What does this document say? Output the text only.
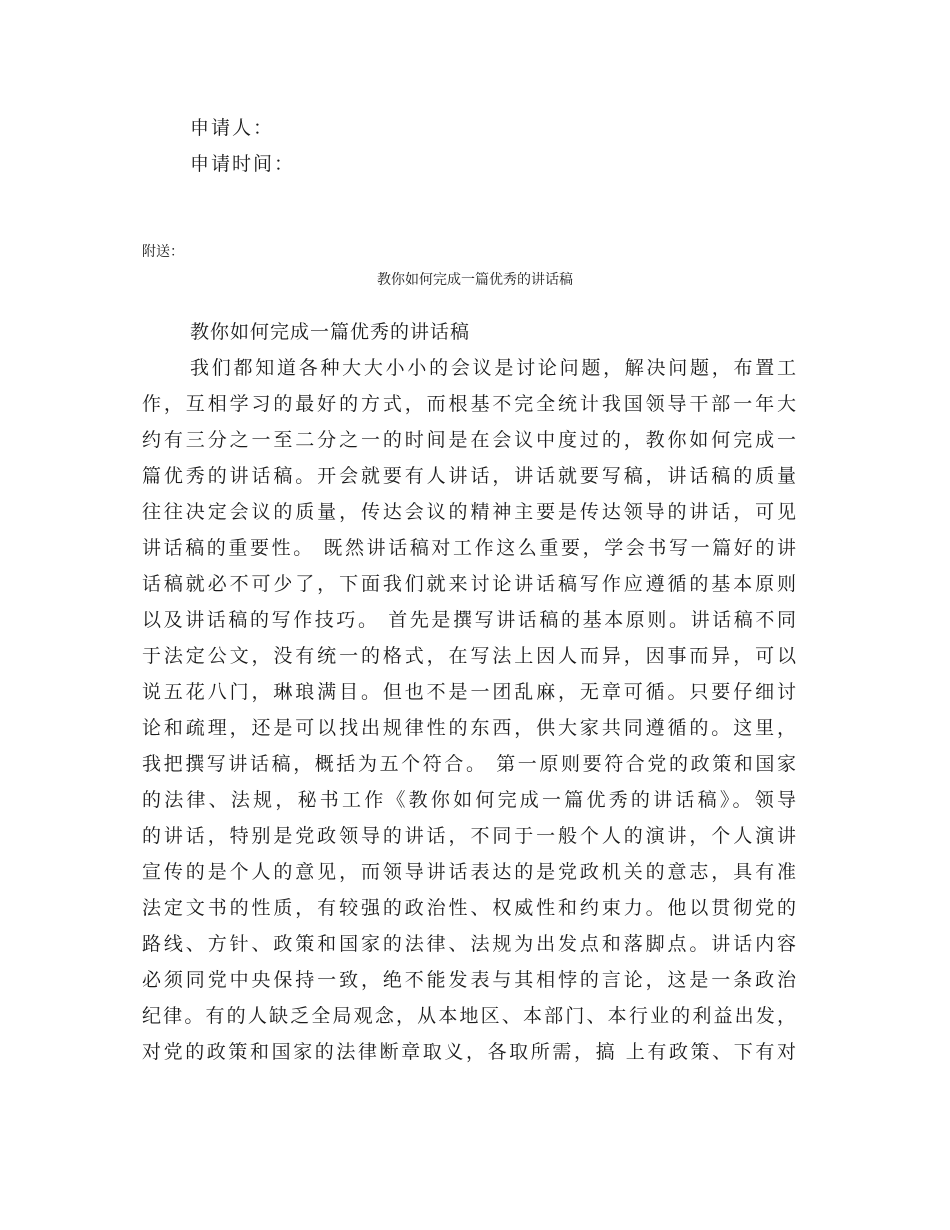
申请人：
申请时间：
附送：
教你如何完成一篇优秀的讲话稿
教你如何完成一篇优秀的讲话稿
我们都知道各种大大小小的会议是讨论问题，解决问题，布置工
作，互相学习的最好的方式，而根基不完全统计我国领导干部一年大
约有三分之一至二分之一的时间是在会议中度过的，教你如何完成一
篇优秀的讲话稿。开会就要有人讲话，讲话就要写稿，讲话稿的质量
往往决定会议的质量，传达会议的精神主要是传达领导的讲话，可见
讲话稿的重要性。 既然讲话稿对工作这么重要，学会书写一篇好的讲
话稿就必不可少了，下面我们就来讨论讲话稿写作应遵循的基本原则
以及讲话稿的写作技巧。 首先是撰写讲话稿的基本原则。讲话稿不同
于法定公文，没有统一的格式，在写法上因人而异，因事而异，可以
说五花八门，琳琅满目。但也不是一团乱麻，无章可循。只要仔细讨
论和疏理，还是可以找出规律性的东西，供大家共同遵循的。这里，
我把撰写讲话稿，概括为五个符合。 第一原则要符合党的政策和国家
的法律、法规，秘书工作《教你如何完成一篇优秀的讲话稿》。领导
的讲话，特别是党政领导的讲话，不同于一般个人的演讲，个人演讲
宣传的是个人的意见，而领导讲话表达的是党政机关的意志，具有准
法定文书的性质，有较强的政治性、权威性和约束力。他以贯彻党的
路线、方针、政策和国家的法律、法规为出发点和落脚点。讲话内容
必须同党中央保持一致，绝不能发表与其相悖的言论，这是一条政治
纪律。有的人缺乏全局观念，从本地区、本部门、本行业的利益出发，
对党的政策和国家的法律断章取义，各取所需，搞 上有政策、下有对
